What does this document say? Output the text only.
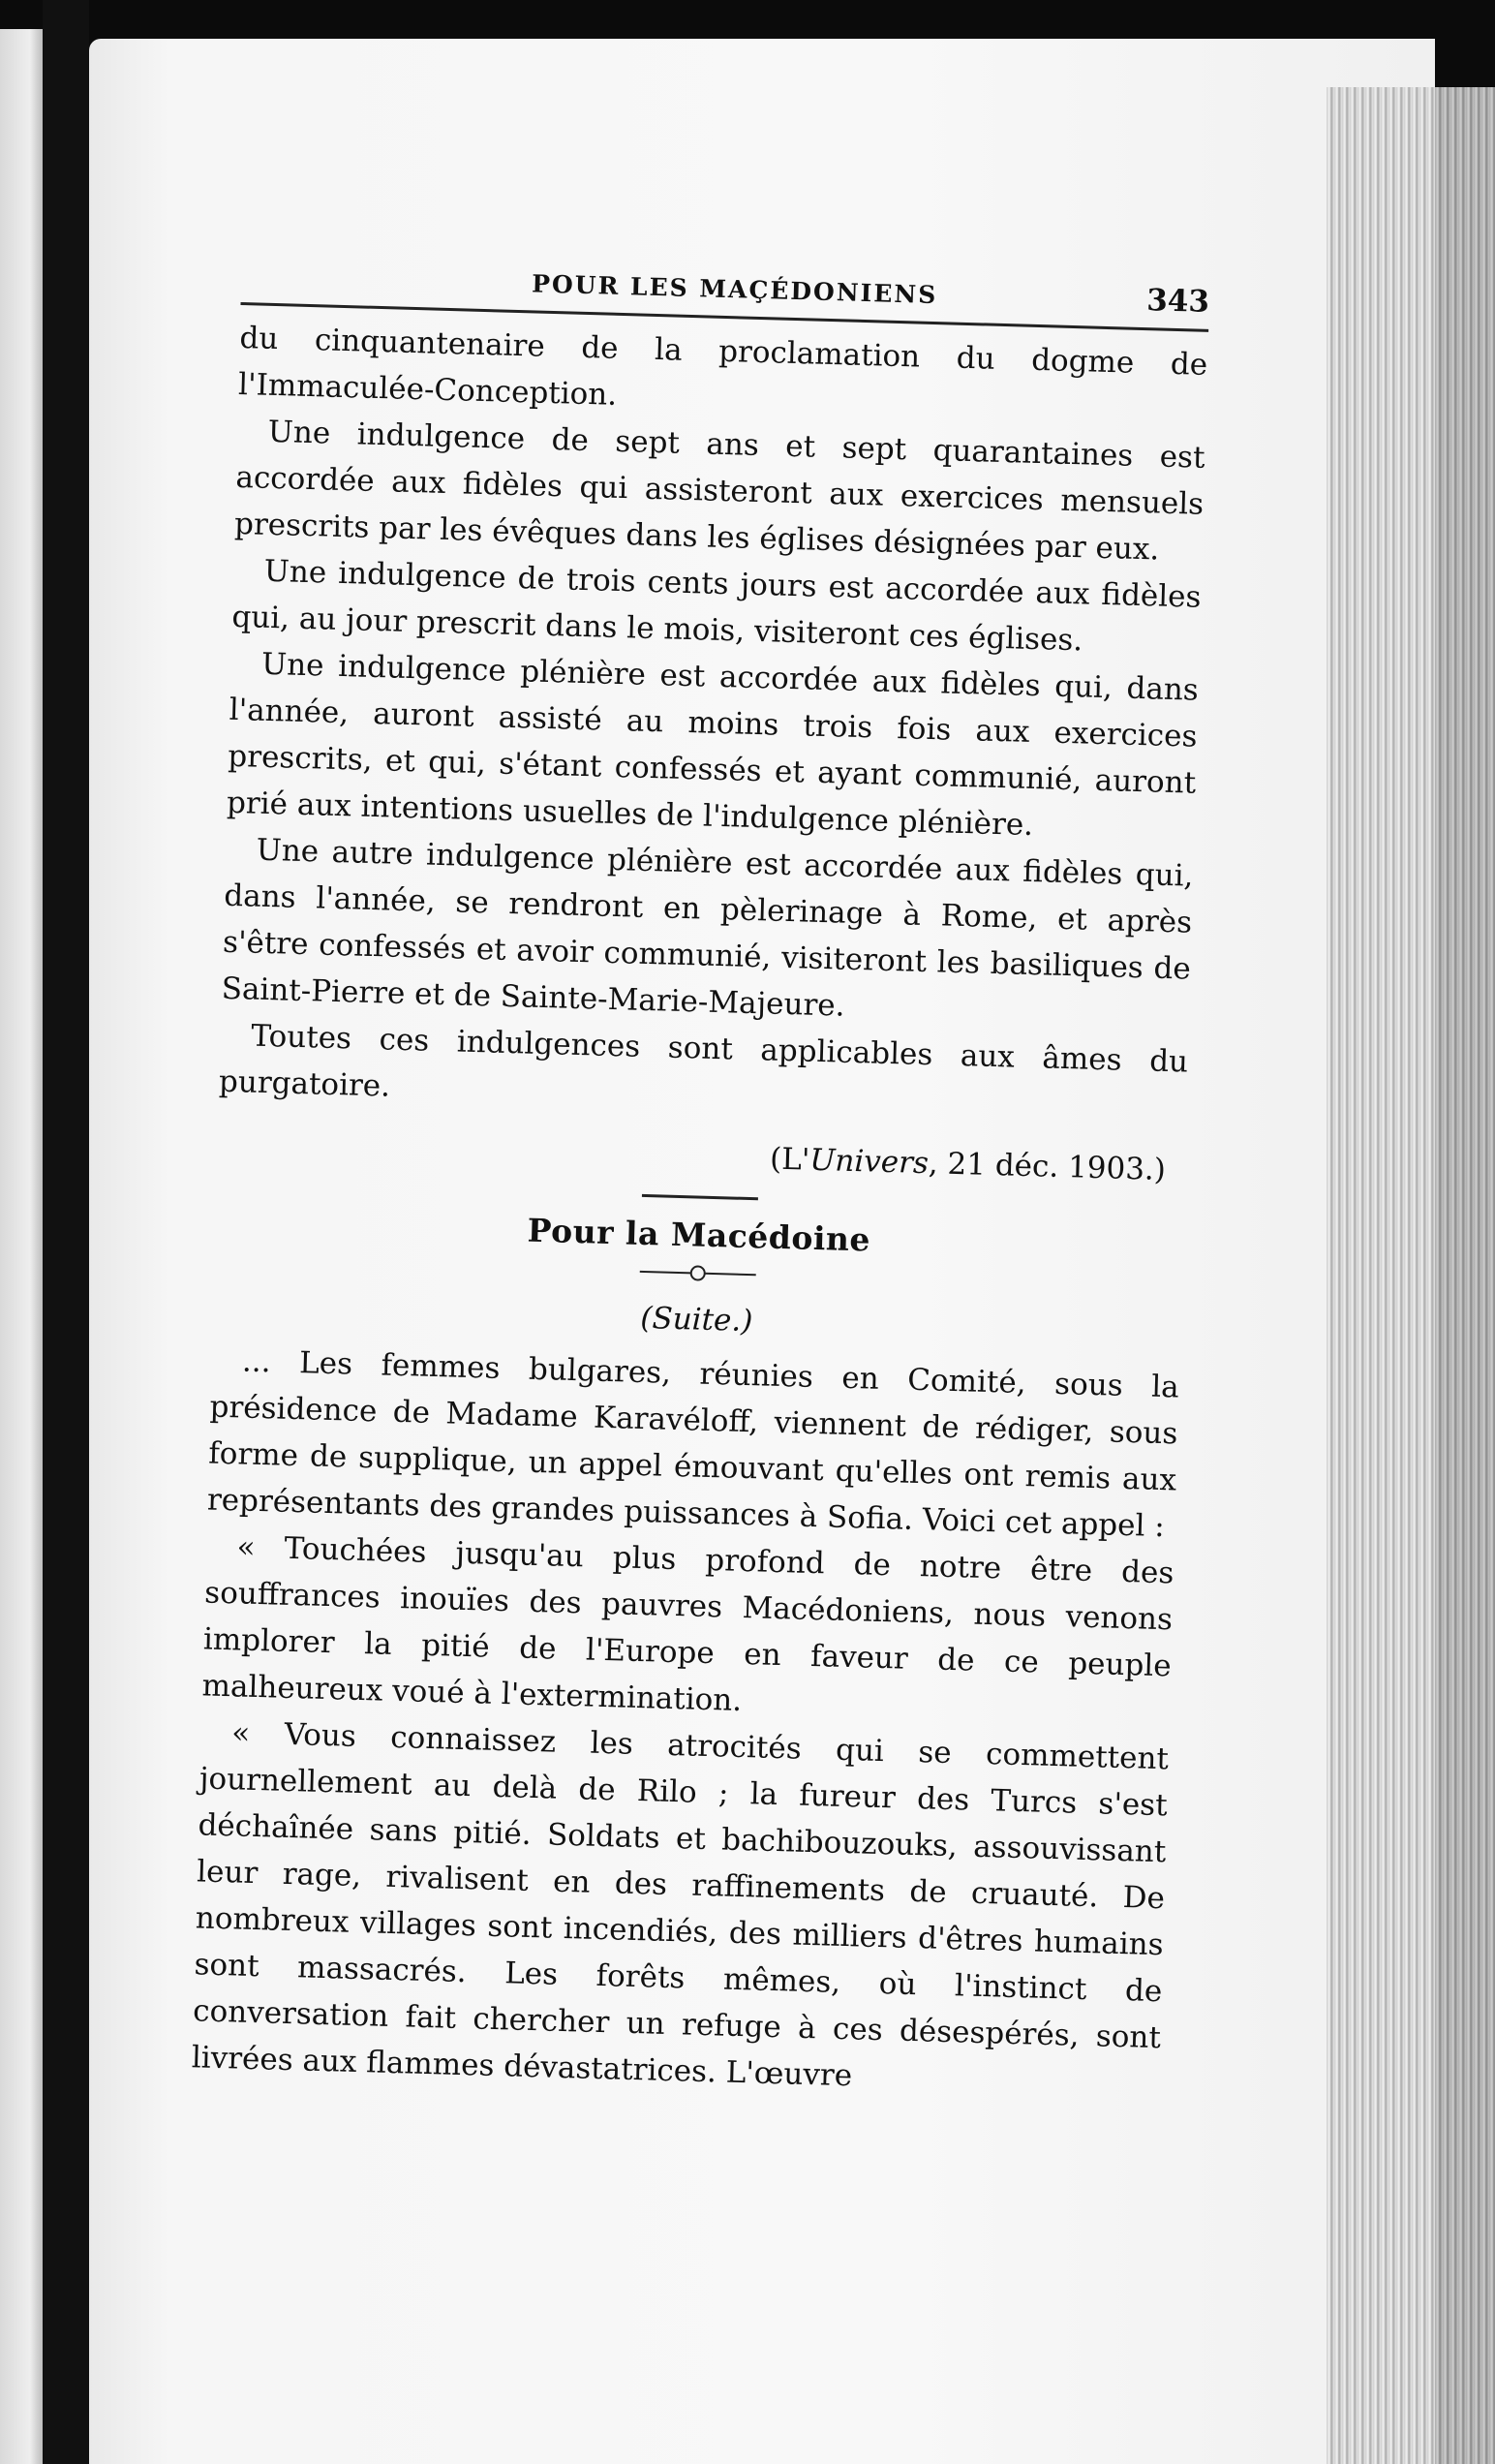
POUR LES MAÇÉDONIENS	343

du cinquantenaire de la proclamation du dogme de l'Immaculée-Conception.

Une indulgence de sept ans et sept quarantaines est accordée aux fidèles qui assisteront aux exercices mensuels prescrits par les évêques dans les églises désignées par eux.

Une indulgence de trois cents jours est accordée aux fidèles qui, au jour prescrit dans le mois, visiteront ces églises.

Une indulgence plénière est accordée aux fidèles qui, dans l'année, auront assisté au moins trois fois aux exercices prescrits, et qui, s'étant confessés et ayant communié, auront prié aux intentions usuelles de l'indulgence plénière.

Une autre indulgence plénière est accordée aux fidèles qui, dans l'année, se rendront en pèlerinage à Rome, et après s'être confessés et avoir communié, visiteront les basiliques de Saint-Pierre et de Sainte-Marie-Majeure.

Toutes ces indulgences sont applicables aux âmes du purgatoire.

(L'Univers, 21 déc. 1903.)

Pour la Macédoine
(Suite.)

... Les femmes bulgares, réunies en Comité, sous la présidence de Madame Karavéloff, viennent de rédiger, sous forme de supplique, un appel émouvant qu'elles ont remis aux représentants des grandes puissances à Sofia. Voici cet appel :

« Touchées jusqu'au plus profond de notre être des souffrances inouïes des pauvres Macédoniens, nous venons implorer la pitié de l'Europe en faveur de ce peuple malheureux voué à l'extermination.

« Vous connaissez les atrocités qui se commettent journellement au delà de Rilo ; la fureur des Turcs s'est déchaînée sans pitié. Soldats et bachibouzouks, assouvissant leur rage, rivalisent en des raffinements de cruauté. De nombreux villages sont incendiés, des milliers d'êtres humains sont massacrés. Les forêts mêmes, où l'instinct de conversation fait chercher un refuge à ces désespérés, sont livrées aux flammes dévastatrices. L'œuvre
